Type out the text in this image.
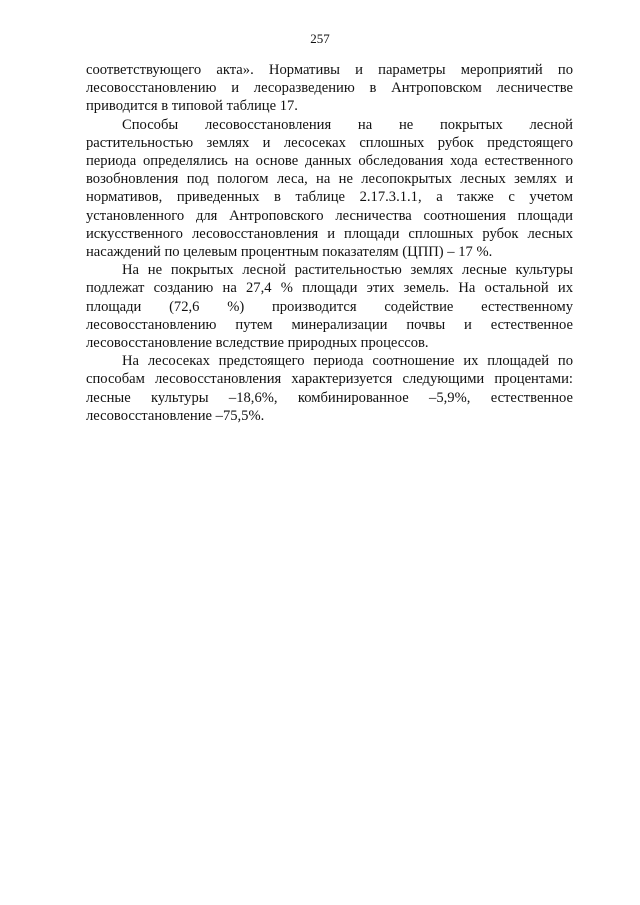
257
соответствующего акта». Нормативы и параметры мероприятий по
лесовосстановлению и лесоразведению в Антроповском лесничестве
приводится в типовой таблице 17.
Способы лесовосстановления на не покрытых лесной
растительностью землях и лесосеках сплошных рубок предстоящего
периода определялись на основе данных обследования хода естественного
возобновления под пологом леса, на не лесопокрытых лесных землях и
нормативов, приведенных в таблице 2.17.3.1.1, а также с учетом
установленного для Антроповского лесничества соотношения площади
искусственного лесовосстановления и площади сплошных рубок лесных
насаждений по целевым процентным показателям (ЦПП) – 17 %.
На не покрытых лесной растительностью землях лесные культуры
подлежат созданию на 27,4 % площади этих земель. На остальной их
площади (72,6 %) производится содействие естественному
лесовосстановлению путем минерализации почвы и естественное
лесовосстановление вследствие природных процессов.
На лесосеках предстоящего периода соотношение их площадей по
способам лесовосстановления характеризуется следующими процентами:
лесные культуры –18,6%, комбинированное –5,9%, естественное
лесовосстановление –75,5%.
